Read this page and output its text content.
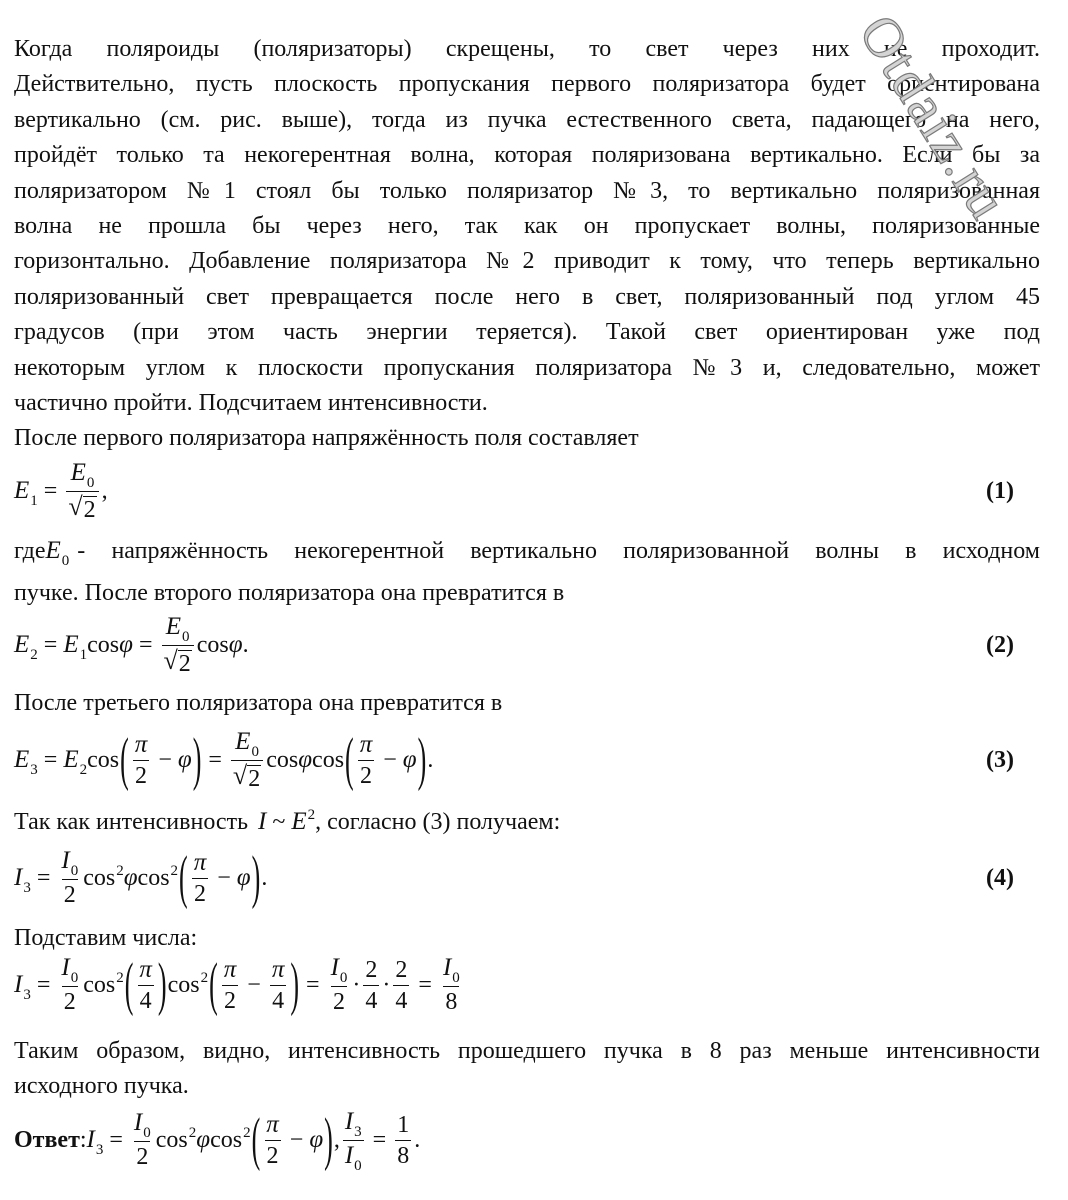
Когда поляроиды (поляризаторы) скрещены, то свет через них не проходит.
Действительно, пусть плоскость пропускания первого поляризатора будет ориентирована
вертикально (см. рис. выше), тогда из пучка естественного света, падающего на него,
пройдёт только та некогерентная волна, которая поляризована вертикально. Если бы за
поляризатором №1 стоял бы только поляризатор №3, то вертикально поляризованная
волна не прошла бы через него, так как он пропускает волны, поляризованные
горизонтально. Добавление поляризатора №2 приводит к тому, что теперь вертикально
поляризованный свет превращается после него в свет, поляризованный под углом 45
градусов (при этом часть энергии теряется). Такой свет ориентирован уже под
некоторым углом к плоскости пропускания поляризатора №3 и, следовательно, может
частично пройти. Подсчитаем интенсивности.
После первого поляризатора напряжённость поля составляет
$E_1 = \frac{E_0}{√ 2}$ ,	(1)
где $E_0$ - напряжённость некогерентной вертикально поляризованной волны в исходном
пучке. После второго поляризатора она превратится в
$E_2 = E_1$ $\cos \varphi = \frac{E_0}{√ 2}$ cos φ .	(2)
После третьего поляризатора она превратится в
$E_3 = E_2$ cos ( $\frac{\pi}{2} - \varphi$ ) = $\frac{E_0}{√ 2}$ cos φ cos ( $\frac{\pi}{2} - \varphi$ ) .	(3)
Так как интенсивность I ~ $E^2$ , согласно (3) получаем:
$I_3 = \frac{I_0}{2} \cos^2 \varphi$ $\cos^2$ ( $\frac{\pi}{2} - \varphi$ ) .	(4)
Подставим числа:
$I_3 = \frac{I_0}{2} \cos^2$ ( $\frac{\pi}{4}$ ) $\cos^2$ ( $\frac{\pi}{2} - \frac{\pi}{4}$ ) = $\frac{I_0}{2} \cdot \frac{2}{4} \cdot \frac{2}{4} = \frac{I_0}{8}$
Таким образом, видно, интенсивность прошедшего пучка в 8 раз меньше интенсивности
исходного пучка.
Ответ : $I_3 = \frac{I_0}{2} \cos^2 \varphi$ $\cos^2$ ( $\frac{\pi}{2} - \varphi$ ) , $\frac{I_3}{I_0} = \frac{1}{8}$ .
Otdaiz.ru
